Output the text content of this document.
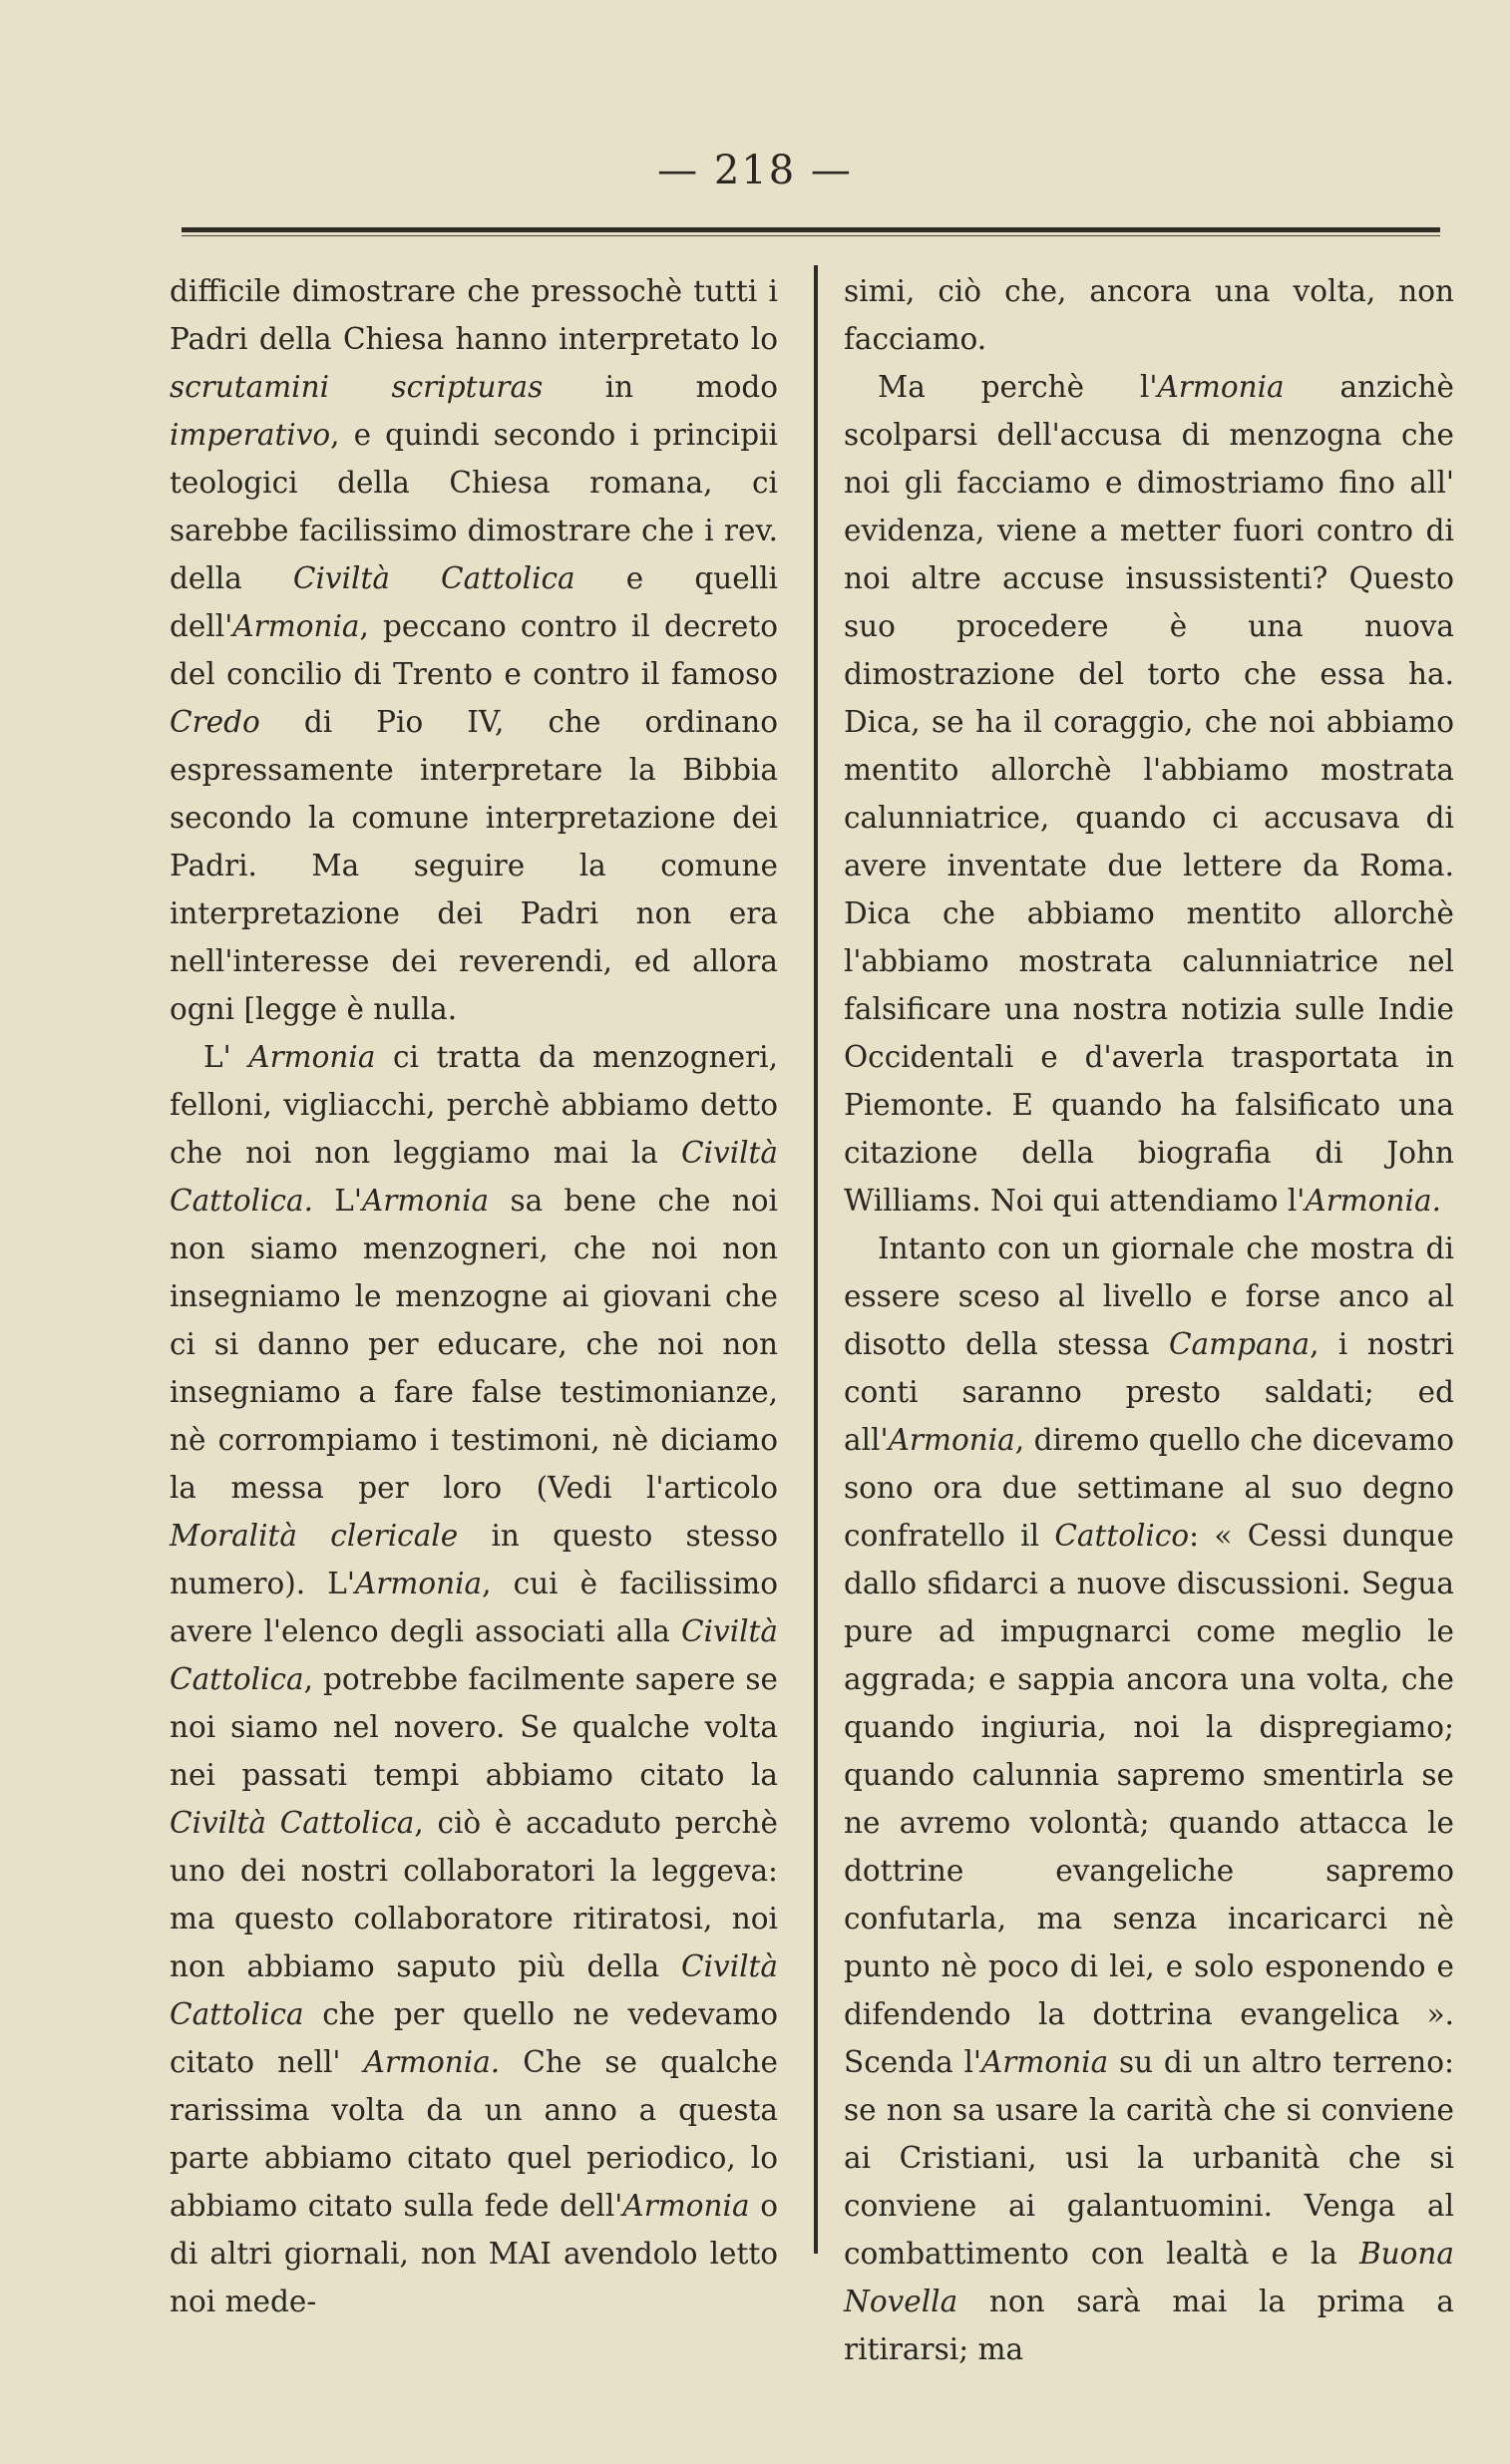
— 218 —

difficile dimostrare che pressochè tutti i Padri della Chiesa hanno interpretato lo scrutamini scripturas in modo imperativo, e quindi secondo i principii teologici della Chiesa romana, ci sarebbe facilissimo dimostrare che i rev. della Civiltà Cattolica e quelli dell'Armonia, peccano contro il decreto del concilio di Trento e contro il famoso Credo di Pio IV, che ordinano espressamente interpretare la Bibbia secondo la comune interpretazione dei Padri. Ma seguire la comune interpretazione dei Padri non era nell'interesse dei reverendi, ed allora ogni [legge è nulla.

L' Armonia ci tratta da menzogneri, felloni, vigliacchi, perchè abbiamo detto che noi non leggiamo mai la Civiltà Cattolica. L'Armonia sa bene che noi non siamo menzogneri, che noi non insegniamo le menzogne ai giovani che ci si danno per educare, che noi non insegniamo a fare false testimonianze, nè corrompiamo i testimoni, nè diciamo la messa per loro (Vedi l'articolo Moralità clericale in questo stesso numero). L'Armonia, cui è facilissimo avere l'elenco degli associati alla Civiltà Cattolica, potrebbe facilmente sapere se noi siamo nel novero. Se qualche volta nei passati tempi abbiamo citato la Civiltà Cattolica, ciò è accaduto perchè uno dei nostri collaboratori la leggeva: ma questo collaboratore ritiratosi, noi non abbiamo saputo più della Civiltà Cattolica che per quello ne vedevamo citato nell' Armonia. Che se qualche rarissima volta da un anno a questa parte abbiamo citato quel periodico, lo abbiamo citato sulla fede dell'Armonia o di altri giornali, non MAI avendolo letto noi mede-

simi, ciò che, ancora una volta, non facciamo.

Ma perchè l'Armonia anzichè scolparsi dell'accusa di menzogna che noi gli facciamo e dimostriamo fino all' evidenza, viene a metter fuori contro di noi altre accuse insussistenti? Questo suo procedere è una nuova dimostrazione del torto che essa ha. Dica, se ha il coraggio, che noi abbiamo mentito allorchè l'abbiamo mostrata calunniatrice, quando ci accusava di avere inventate due lettere da Roma. Dica che abbiamo mentito allorchè l'abbiamo mostrata calunniatrice nel falsificare una nostra notizia sulle Indie Occidentali e d'averla trasportata in Piemonte. E quando ha falsificato una citazione della biografia di John Williams. Noi qui attendiamo l'Armonia.

Intanto con un giornale che mostra di essere sceso al livello e forse anco al disotto della stessa Campana, i nostri conti saranno presto saldati; ed all'Armonia, diremo quello che dicevamo sono ora due settimane al suo degno confratello il Cattolico: « Cessi dunque dallo sfidarci a nuove discussioni. Segua pure ad impugnarci come meglio le aggrada; e sappia ancora una volta, che quando ingiuria, noi la dispregiamo; quando calunnia sapremo smentirla se ne avremo volontà; quando attacca le dottrine evangeliche sapremo confutarla, ma senza incaricarci nè punto nè poco di lei, e solo esponendo e difendendo la dottrina evangelica ». Scenda l'Armonia su di un altro terreno: se non sa usare la carità che si conviene ai Cristiani, usi la urbanità che si conviene ai galantuomini. Venga al combattimento con lealtà e la Buona Novella non sarà mai la prima a ritirarsi; ma
